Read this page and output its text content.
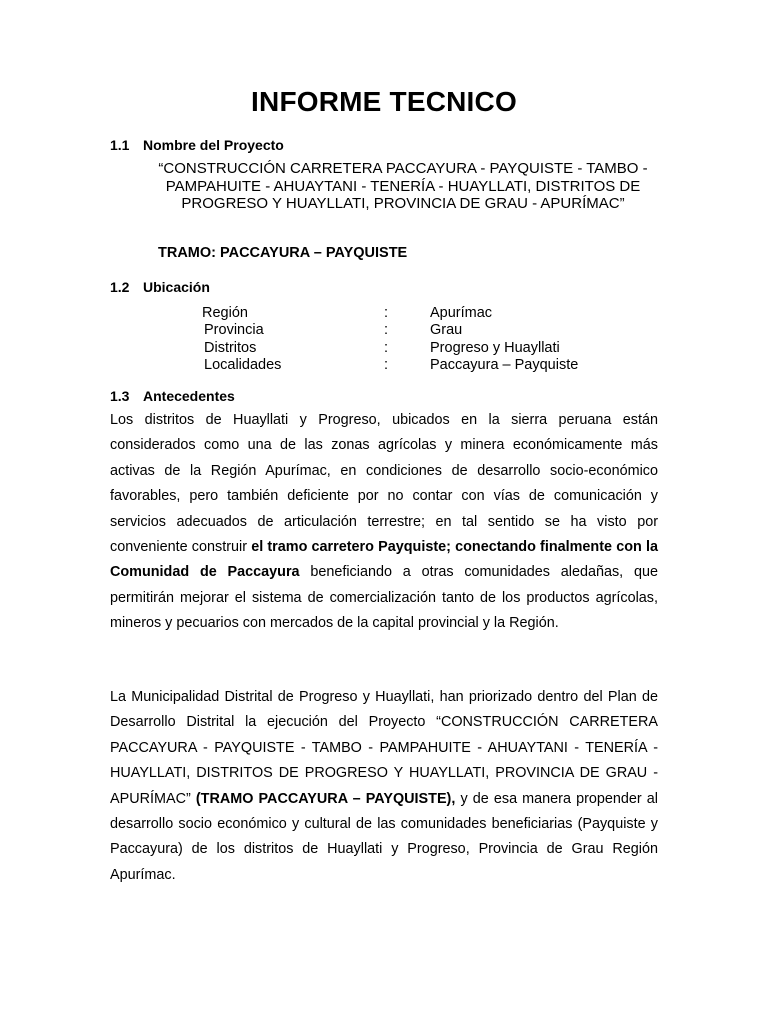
INFORME TECNICO
1.1 Nombre del Proyecto

“CONSTRUCCIÓN CARRETERA PACCAYURA - PAYQUISTE - TAMBO - PAMPAHUITE - AHUAYTANI - TENERÍA - HUAYLLATI, DISTRITOS DE PROGRESO Y HUAYLLATI, PROVINCIA DE GRAU - APURÍMAC”

TRAMO: PACCAYURA – PAYQUISTE

1.2 Ubicación
Región	:	Apurímac
Provincia	:	Grau
Distritos	:	Progreso y Huayllati
Localidades	:	Paccayura – Payquiste
1.3 Antecedentes

Los distritos de Huayllati y Progreso, ubicados en la sierra peruana están considerados como una de las zonas agrícolas y minera económicamente más activas de la Región Apurímac, en condiciones de desarrollo socio-económico favorables, pero también deficiente por no contar con vías de comunicación y servicios adecuados de articulación terrestre; en tal sentido se ha visto por conveniente construir el tramo carretero Payquiste; conectando finalmente con la Comunidad de Paccayura beneficiando a otras comunidades aledañas, que permitirán mejorar el sistema de comercialización tanto de los productos agrícolas, mineros y pecuarios con mercados de la capital provincial y la Región.

La Municipalidad Distrital de Progreso y Huayllati, han priorizado dentro del Plan de Desarrollo Distrital la ejecución del Proyecto “CONSTRUCCIÓN CARRETERA PACCAYURA - PAYQUISTE - TAMBO - PAMPAHUITE - AHUAYTANI - TENERÍA - HUAYLLATI, DISTRITOS DE PROGRESO Y HUAYLLATI, PROVINCIA DE GRAU - APURÍMAC” (TRAMO PACCAYURA – PAYQUISTE), y de esa manera propender al desarrollo socio económico y cultural de las comunidades beneficiarias (Payquiste y Paccayura) de los distritos de Huayllati y Progreso, Provincia de Grau Región Apurímac.
